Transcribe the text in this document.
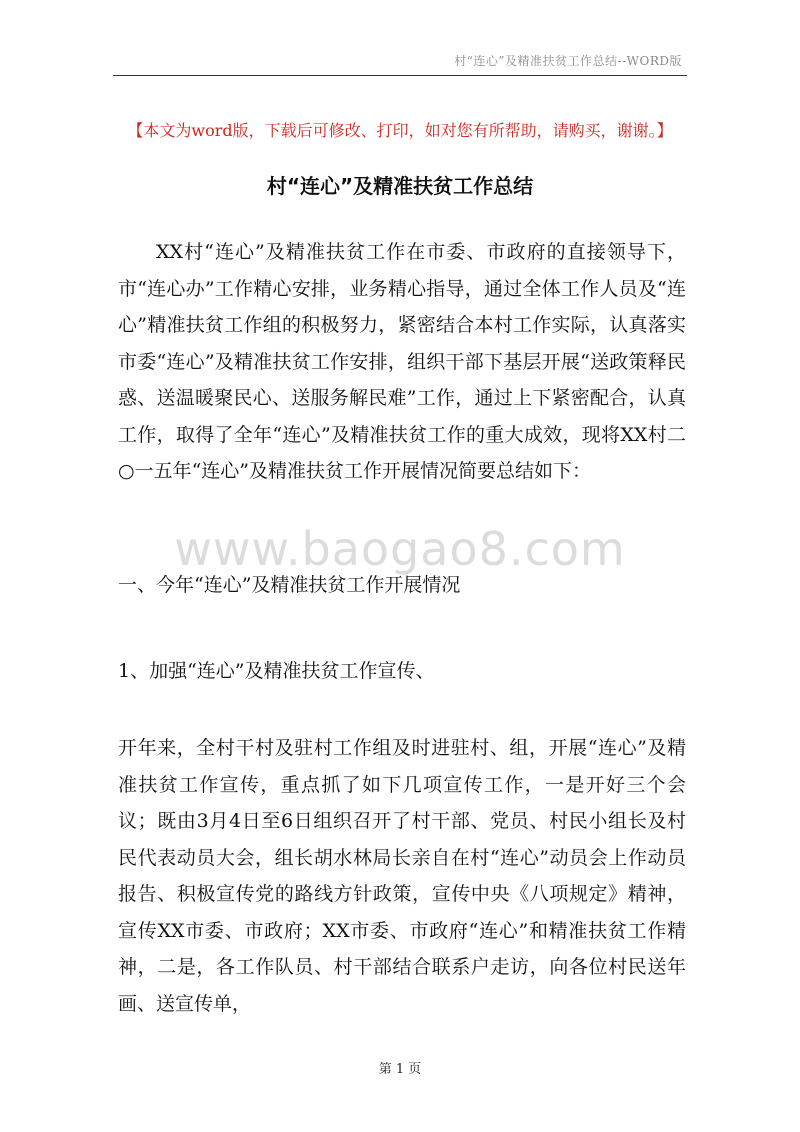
村“连心”及精准扶贫工作总结--WORD版
【本文为word版，下载后可修改、打印，如对您有所帮助，请购买，谢谢。】
村“连心”及精准扶贫工作总结

XX村“连心”及精准扶贫工作在市委、市政府的直接领导下，市“连心办”工作精心安排，业务精心指导，通过全体工作人员及“连心”精准扶贫工作组的积极努力，紧密结合本村工作实际，认真落实市委“连心”及精准扶贫工作安排，组织干部下基层开展“送政策释民惑、送温暖聚民心、送服务解民难”工作，通过上下紧密配合，认真工作，取得了全年“连心”及精准扶贫工作的重大成效，现将XX村二○一五年“连心”及精准扶贫工作开展情况简要总结如下：

www.baogao8.com
一、今年“连心”及精准扶贫工作开展情况
1、加强“连心”及精准扶贫工作宣传、

开年来，全村干村及驻村工作组及时进驻村、组，开展“连心”及精准扶贫工作宣传，重点抓了如下几项宣传工作，一是开好三个会议；既由3月4日至6日组织召开了村干部、党员、村民小组长及村民代表动员大会，组长胡水林局长亲自在村“连心”动员会上作动员报告、积极宣传党的路线方针政策，宣传中央《八项规定》精神，宣传XX市委、市政府；XX市委、市政府“连心”和精准扶贫工作精神，二是，各工作队员、村干部结合联系户走访，向各位村民送年画、送宣传单，

第 1 页
